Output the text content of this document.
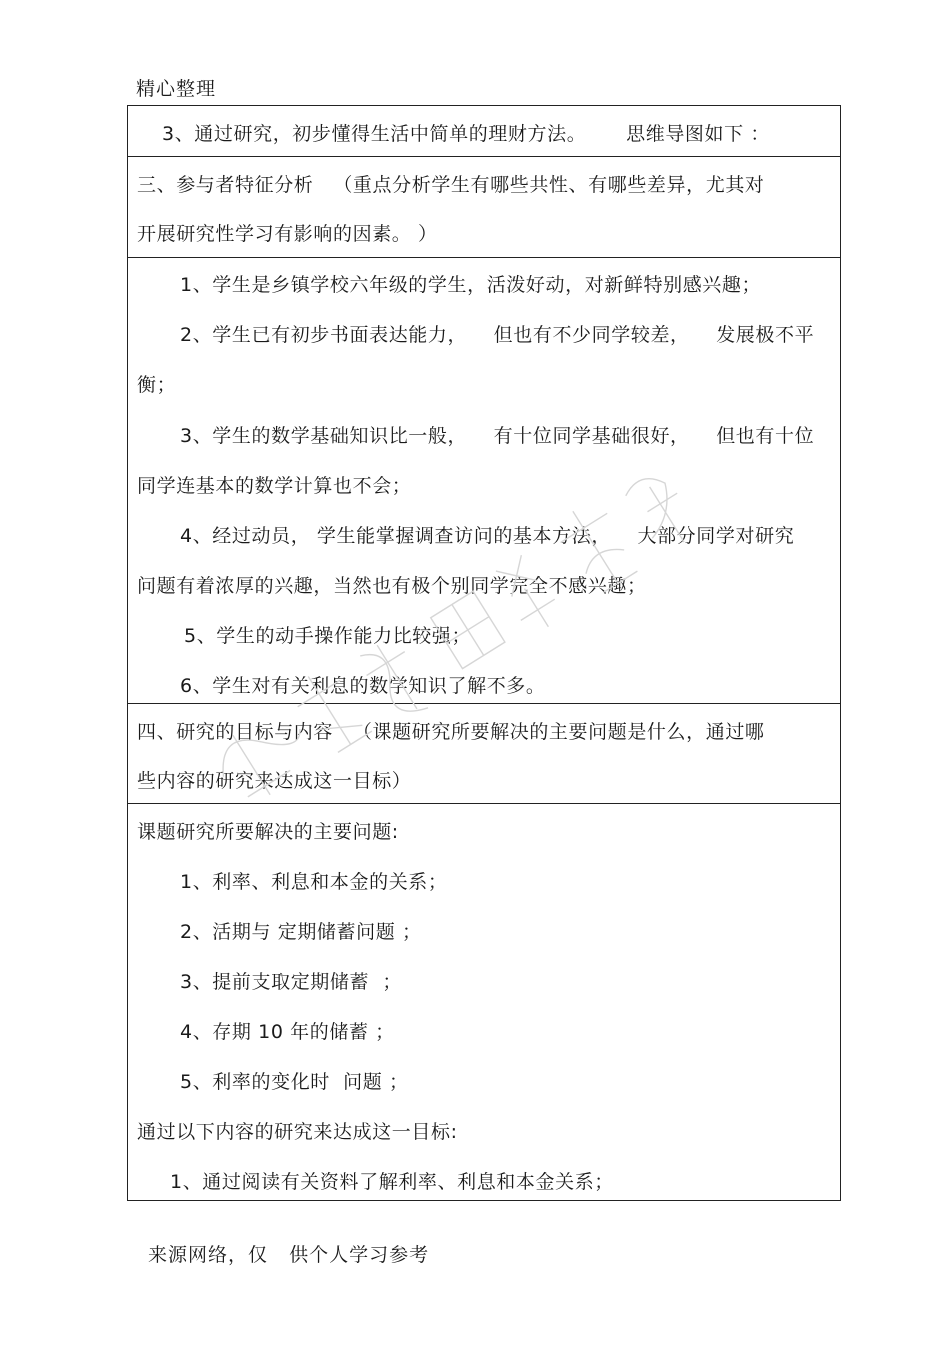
精心整理
3、通过研究，初步懂得生活中简单的理财方法。      思维导图如下 ：
三、参与者特征分析   （重点分析学生有哪些共性、有哪些差异，尤其对
开展研究性学习有影响的因素。 ）
1、学生是乡镇学校六年级的学生，活泼好动，对新鲜特别感兴趣；
2、学生已有初步书面表达能力，    但也有不少同学较差，    发展极不平
衡；
3、学生的数学基础知识比一般，    有十位同学基础很好，    但也有十位
同学连基本的数学计算也不会；
4、经过动员， 学生能掌握调查访问的基本方法，    大部分同学对研究
问题有着浓厚的兴趣，当然也有极个别同学完全不感兴趣；
5、学生的动手操作能力比较强；
6、学生对有关利息的数学知识了解不多。
四、研究的目标与内容   （课题研究所要解决的主要问题是什么，通过哪
些内容的研究来达成这一目标）
课题研究所要解决的主要问题:
1、利率、利息和本金的关系；
2、活期与 定期储蓄问题 ；
3、提前支取定期储蓄  ；
4、存期 10 年的储蓄 ；
5、利率的变化时  问题 ；
通过以下内容的研究来达成这一目标:
1、通过阅读有关资料了解利率、利息和本金关系；
来源网络，仅   供个人学习参考
